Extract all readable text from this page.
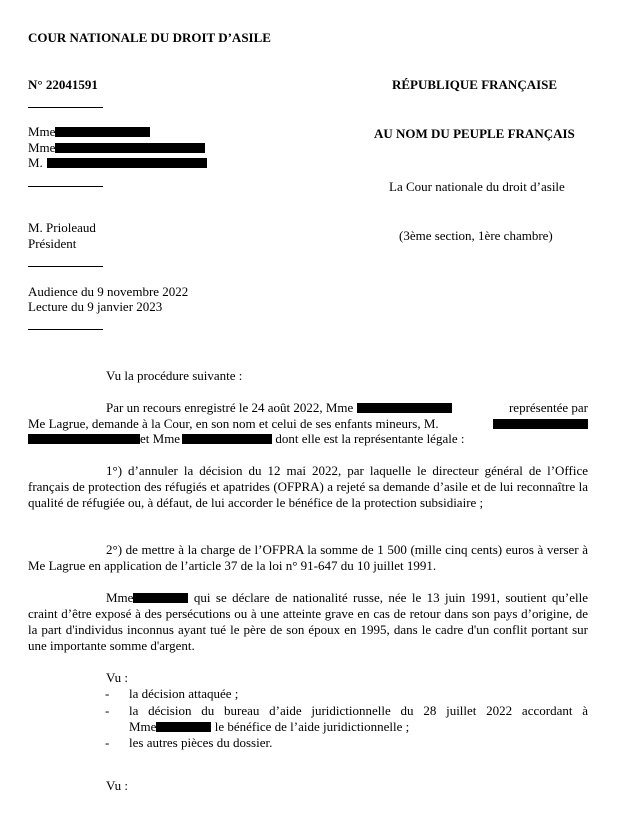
COUR NATIONALE DU DROIT D’ASILE
N° 22041591	RÉPUBLIQUE FRANÇAISE
Mme
Mme
M.
AU NOM DU PEUPLE FRANÇAIS
La Cour nationale du droit d’asile
M. Prioleaud
Président
(3ème section, 1ère chambre)
Audience du 9 novembre 2022
Lecture du 9 janvier 2023
Vu la procédure suivante :
Par un recours enregistré le 24 août 2022, Mme	représentée par
Me Lagrue, demande à la Cour, en son nom et celui de ses enfants mineurs, M.
et Mme	dont elle est la représentante légale :
1°) d’annuler la décision du 12 mai 2022, par laquelle le directeur général de l’Office français de protection des réfugiés et apatrides (OFPRA) a rejeté sa demande d’asile et de lui reconnaître la qualité de réfugiée ou, à défaut, de lui accorder le bénéfice de la protection subsidiaire ;
2°) de mettre à la charge de l’OFPRA la somme de 1 500 (mille cinq cents) euros à verser à Me Lagrue en application de l’article 37 de la loi n° 91-647 du 10 juillet 1991.
Mme	qui se déclare de nationalité russe, née le 13 juin 1991, soutient qu’elle craint d’être exposé à des persécutions ou à une atteinte grave en cas de retour dans son pays d’origine, de la part d'individus inconnus ayant tué le père de son époux en 1995, dans le cadre d'un conflit portant sur une importante somme d'argent.
Vu :
- la décision attaquée ;
- la décision du bureau d’aide juridictionnelle du 28 juillet 2022 accordant à
Mme	le bénéfice de l’aide juridictionnelle ;
- les autres pièces du dossier.
Vu :
